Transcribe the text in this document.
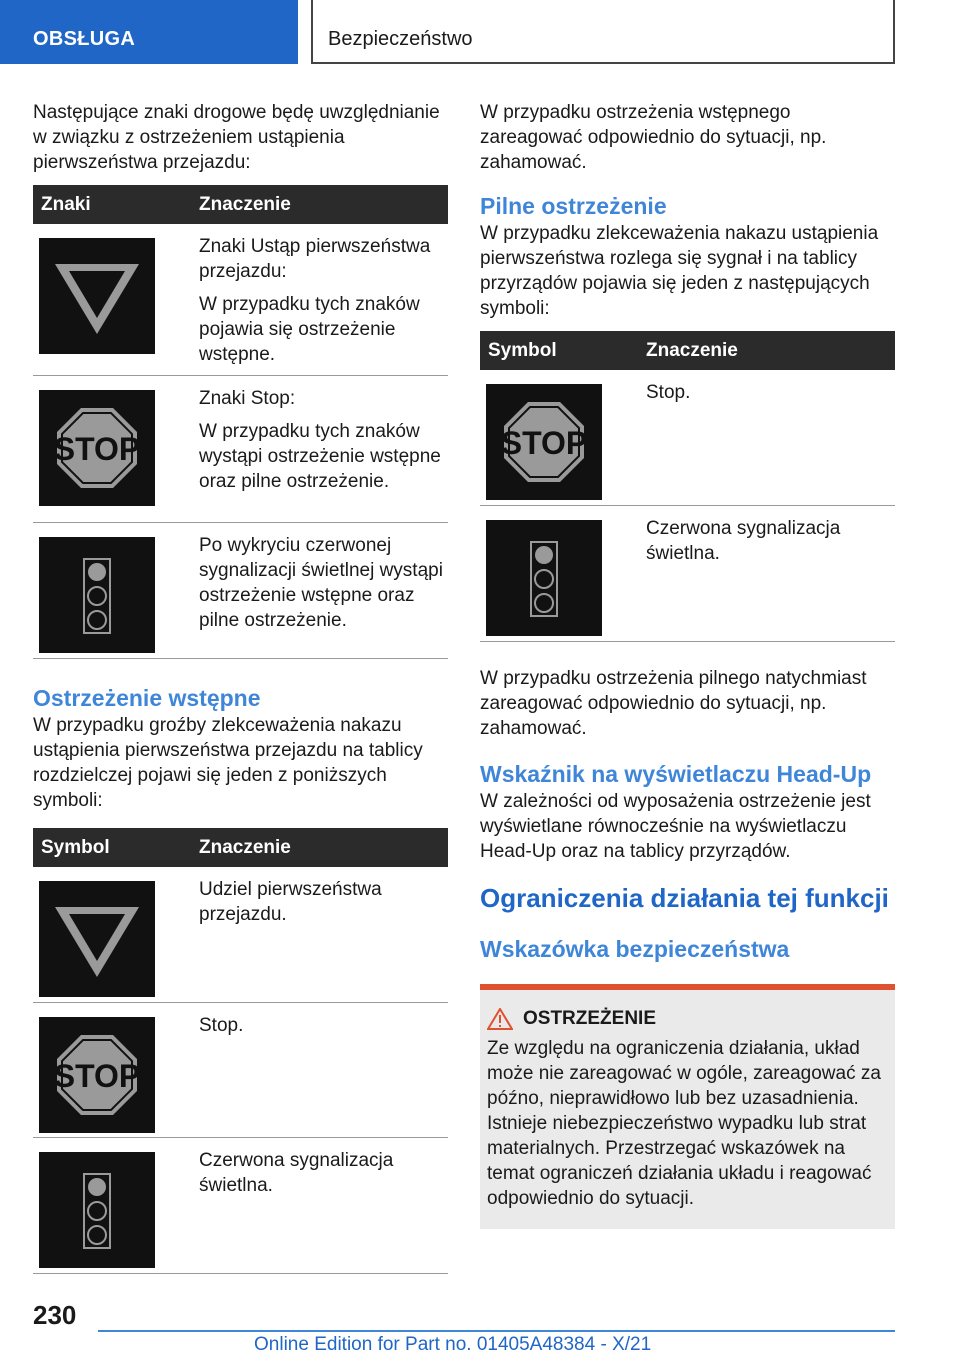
OBSŁUGA	Bezpieczeństwo

Następujące znaki drogowe będę uwzględnianie w związku z ostrzeżeniem ustąpienia pierwszeństwa przejazdu:

Znaki	Znaczenie

Znaki Ustąp pierwszeństwa przejazdu:

W przypadku tych znaków pojawia się ostrzeżenie wstępne.

STOP	Znaki Stop:

W przypadku tych znaków wystąpi ostrzeżenie wstępne oraz pilne ostrzeżenie.

Po wykryciu czerwonej sygnalizacji świetlnej wystąpi ostrzeżenie wstępne oraz pilne ostrzeżenie.

Ostrzeżenie wstępne

W przypadku groźby zlekceważenia nakazu ustąpienia pierwszeństwa przejazdu na tablicy rozdzielczej pojawi się jeden z poniższych symboli:

Symbol	Znaczenie

Udziel pierwszeństwa przejazdu.

STOP	Stop.

Czerwona sygnalizacja świetlna.

W przypadku ostrzeżenia wstępnego zareagować odpowiednio do sytuacji, np. zahamować.

Pilne ostrzeżenie

W przypadku zlekceważenia nakazu ustąpienia pierwszeństwa rozlega się sygnał i na tablicy przyrządów pojawia się jeden z następujących symboli:

Symbol	Znaczenie

STOP	Stop.

Czerwona sygnalizacja świetlna.

W przypadku ostrzeżenia pilnego natychmiast zareagować odpowiednio do sytuacji, np. zahamować.

Wskaźnik na wyświetlaczu Head-Up

W zależności od wyposażenia ostrzeżenie jest wyświetlane równocześnie na wyświetlaczu Head-Up oraz na tablicy przyrządów.

Ograniczenia działania tej funkcji
Wskazówka bezpieczeństwa
OSTRZEŻENIE

Ze względu na ograniczenia działania, układ może nie zareagować w ogóle, zareagować za późno, nieprawidłowo lub bez uzasadnienia. Istnieje niebezpieczeństwo wypadku lub strat materialnych. Przestrzegać wskazówek na temat ograniczeń działania układu i reagować odpowiednio do sytuacji.

230
Online Edition for Part no. 01405A48384 - X/21
